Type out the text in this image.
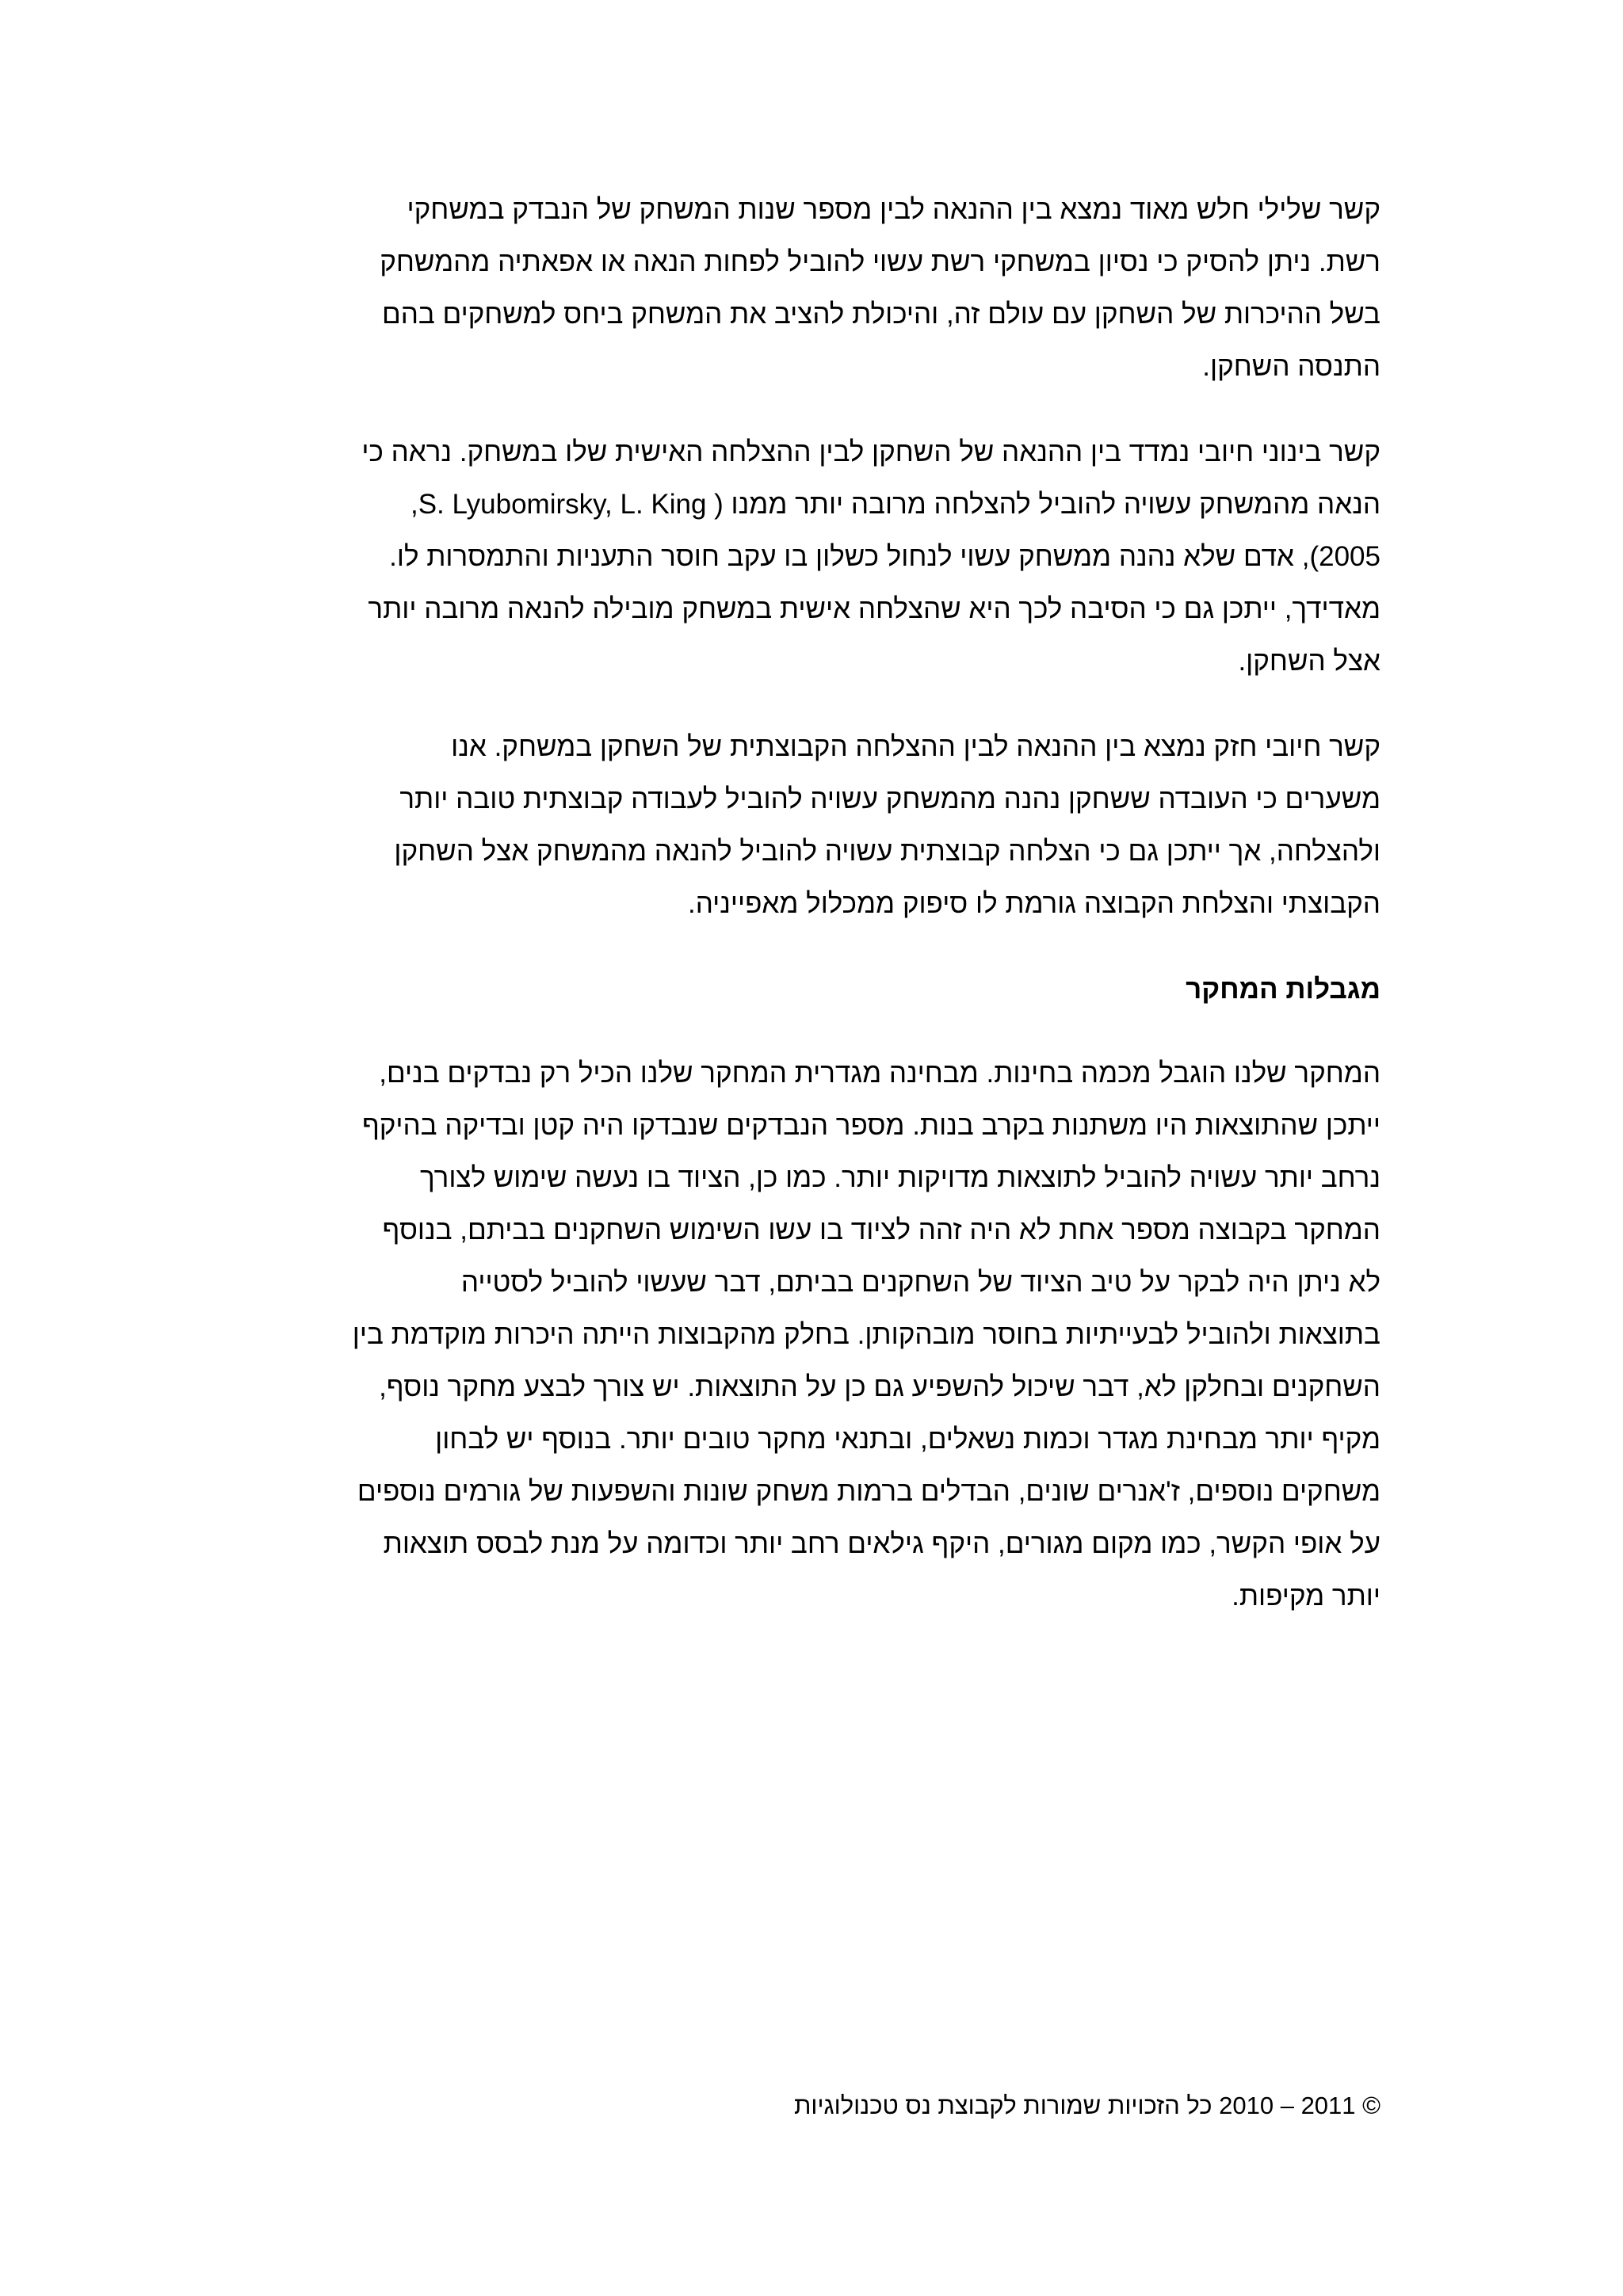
קשר שלילי חלש מאוד נמצא בין ההנאה לבין מספר שנות המשחק של הנבדק במשחקי
רשת. ניתן להסיק כי נסיון במשחקי רשת עשוי להוביל לפחות הנאה או אפאתיה מהמשחק
בשל ההיכרות של השחקן עם עולם זה, והיכולת להציב את המשחק ביחס למשחקים בהם
התנסה השחקן.
קשר בינוני חיובי נמדד בין ההנאה של השחקן לבין ההצלחה האישית שלו במשחק. נראה כי
הנאה מהמשחק עשויה להוביל להצלחה מרובה יותר ממנו ( S. Lyubomirsky, L. King,
2005), אדם שלא נהנה ממשחק עשוי לנחול כשלון בו עקב חוסר התעניות והתמסרות לו.
מאדידך, ייתכן גם כי הסיבה לכך היא שהצלחה אישית במשחק מובילה להנאה מרובה יותר
אצל השחקן.
קשר חיובי חזק נמצא בין ההנאה לבין ההצלחה הקבוצתית של השחקן במשחק. אנו
משערים כי העובדה ששחקן נהנה מהמשחק עשויה להוביל לעבודה קבוצתית טובה יותר
ולהצלחה, אך ייתכן גם כי הצלחה קבוצתית עשויה להוביל להנאה מהמשחק אצל השחקן
הקבוצתי והצלחת הקבוצה גורמת לו סיפוק ממכלול מאפייניה.
מגבלות המחקר
המחקר שלנו הוגבל מכמה בחינות. מבחינה מגדרית המחקר שלנו הכיל רק נבדקים בנים,
ייתכן שהתוצאות היו משתנות בקרב בנות. מספר הנבדקים שנבדקו היה קטן ובדיקה בהיקף
נרחב יותר עשויה להוביל לתוצאות מדויקות יותר. כמו כן, הציוד בו נעשה שימוש לצורך
המחקר בקבוצה מספר אחת לא היה זהה לציוד בו עשו השימוש השחקנים בביתם, בנוסף
לא ניתן היה לבקר על טיב הציוד של השחקנים בביתם, דבר שעשוי להוביל לסטייה
בתוצאות ולהוביל לבעייתיות בחוסר מובהקותן. בחלק מהקבוצות הייתה היכרות מוקדמת בין
השחקנים ובחלקן לא, דבר שיכול להשפיע גם כן על התוצאות. יש צורך לבצע מחקר נוסף,
מקיף יותר מבחינת מגדר וכמות נשאלים, ובתנאי מחקר טובים יותר. בנוסף יש לבחון
משחקים נוספים, ז'אנרים שונים, הבדלים ברמות משחק שונות והשפעות של גורמים נוספים
על אופי הקשר, כמו מקום מגורים, היקף גילאים רחב יותר וכדומה על מנת לבסס תוצאות
יותר מקיפות.
© 2011 – 2010 כל הזכויות שמורות לקבוצת נס טכנולוגיות
